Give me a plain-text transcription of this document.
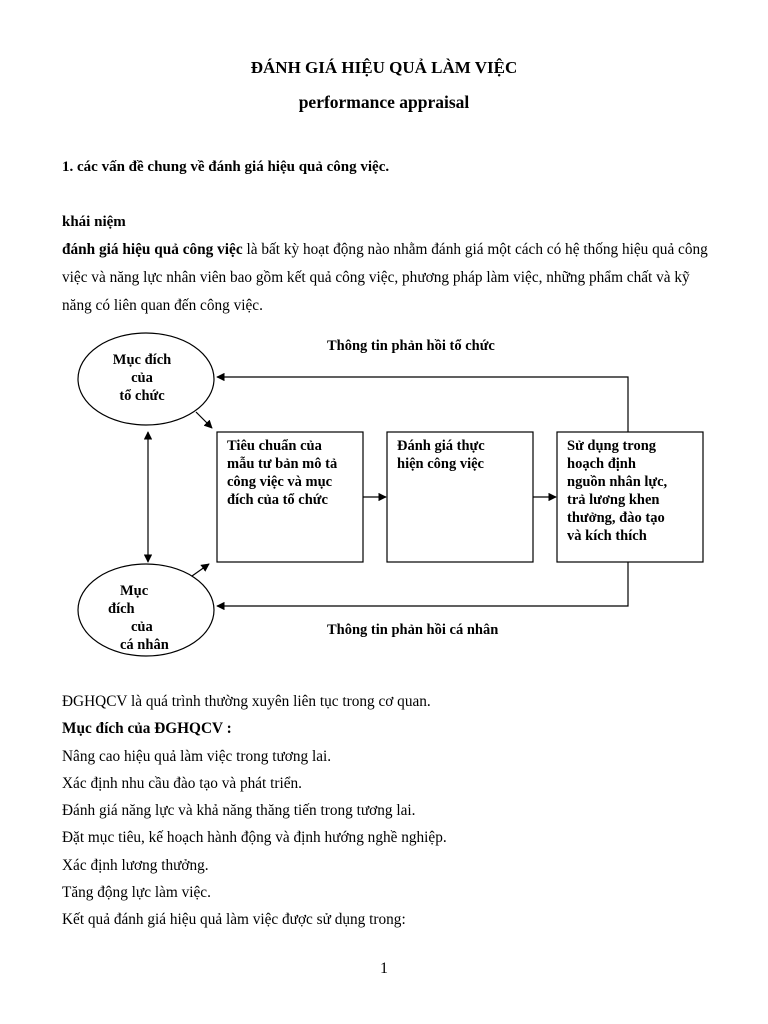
ĐÁNH GIÁ HIỆU QUẢ LÀM VIỆC
performance appraisal
1. các vấn đề chung về đánh giá hiệu quả công việc.
khái niệm
đánh giá hiệu quả công việc là bất kỳ hoạt động nào nhằm đánh giá một cách có hệ thống hiệu quả công việc và năng lực nhân viên bao gồm kết quả công việc, phương pháp làm việc, những phẩm chất và kỹ năng có liên quan đến công việc.
Thông tin phản hồi tổ chức
Thông tin phản hồi cá nhân
Mục đích
của
tổ chức
Mục
đích
của
cá nhân
Tiêu chuẩn của
mẫu tư bản mô tả
công việc và mục
đích của tổ chức
Đánh giá thực
hiện công việc
Sử dụng trong
hoạch định
nguồn nhân lực,
trả lương khen
thưởng, đào tạo
và kích thích
ĐGHQCV là quá trình thường xuyên liên tục trong cơ quan.
Mục đích của ĐGHQCV :
Nâng cao hiệu quả làm việc trong tương lai.
Xác định nhu cầu đào tạo và phát triển.
Đánh giá năng lực và khả năng thăng tiến trong tương lai.
Đặt mục tiêu, kế hoạch hành động và định hướng nghề nghiệp.
Xác định lương thưởng.
Tăng động lực làm việc.
Kết quả đánh giá hiệu quả làm việc được sử dụng trong:
1
